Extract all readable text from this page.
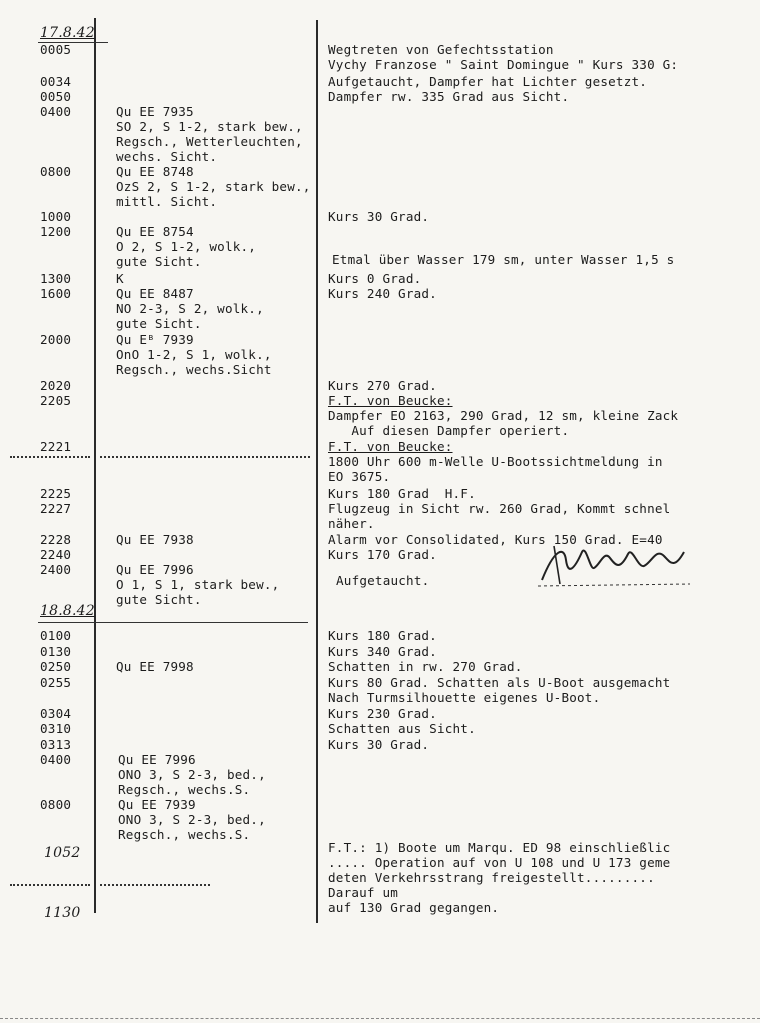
17.8.42
0005
0034
0050
0400
0800
1000
1200
1300
1600
2000
2020
2205
2221
2225
2227
2228
2240
2400
18.8.42
0100
0130
0250
0255
0304
0310
0313
0400
0800
1052
1130
Qu EE 7935
SO 2, S 1-2, stark bew.,
Regsch., Wetterleuchten,
wechs. Sicht.
Qu EE 8748
OzS 2, S 1-2, stark bew.,
mittl. Sicht.
Qu EE 8754
O 2, S 1-2, wolk.,
gute Sicht.
K
Qu EE 8487
NO 2-3, S 2, wolk.,
gute Sicht.
Qu Eᴮ 7939
OnO 1-2, S 1, wolk.,
Regsch., wechs.Sicht
Qu EE 7938
Qu EE 7996
O 1, S 1, stark bew.,
gute Sicht.
Qu EE 7998
Qu EE 7996
ONO 3, S 2-3, bed.,
Regsch., wechs.S.
Qu EE 7939
ONO 3, S 2-3, bed.,
Regsch., wechs.S.
Wegtreten von Gefechtsstation
Vychy Franzose " Saint Domingue " Kurs 330 G:
Aufgetaucht, Dampfer hat Lichter gesetzt.
Dampfer rw. 335 Grad aus Sicht.
Kurs 30 Grad.
Etmal über Wasser 179 sm, unter Wasser 1,5 s
Kurs 0 Grad.
Kurs 240 Grad.
Kurs 270 Grad.
F.T. von Beucke:
Dampfer EO 2163, 290 Grad, 12 sm, kleine Zack
Auf diesen Dampfer operiert.
F.T. von Beucke:
1800 Uhr 600 m-Welle U-Bootssichtmeldung in
EO 3675.
Kurs 180 Grad  H.F.
Flugzeug in Sicht rw. 260 Grad, Kommt schnel
näher.
Alarm vor Consolidated, Kurs 150 Grad. E=40
Kurs 170 Grad.
Aufgetaucht.
Kurs 180 Grad.
Kurs 340 Grad.
Schatten in rw. 270 Grad.
Kurs 80 Grad. Schatten als U-Boot ausgemacht
Nach Turmsilhouette eigenes U-Boot.
Kurs 230 Grad.
Schatten aus Sicht.
Kurs 30 Grad.
F.T.: 1) Boote um Marqu. ED 98 einschließlic
..... Operation auf von U 108 und U 173 geme
deten Verkehrsstrang freigestellt.........
Darauf um
auf 130 Grad gegangen.
